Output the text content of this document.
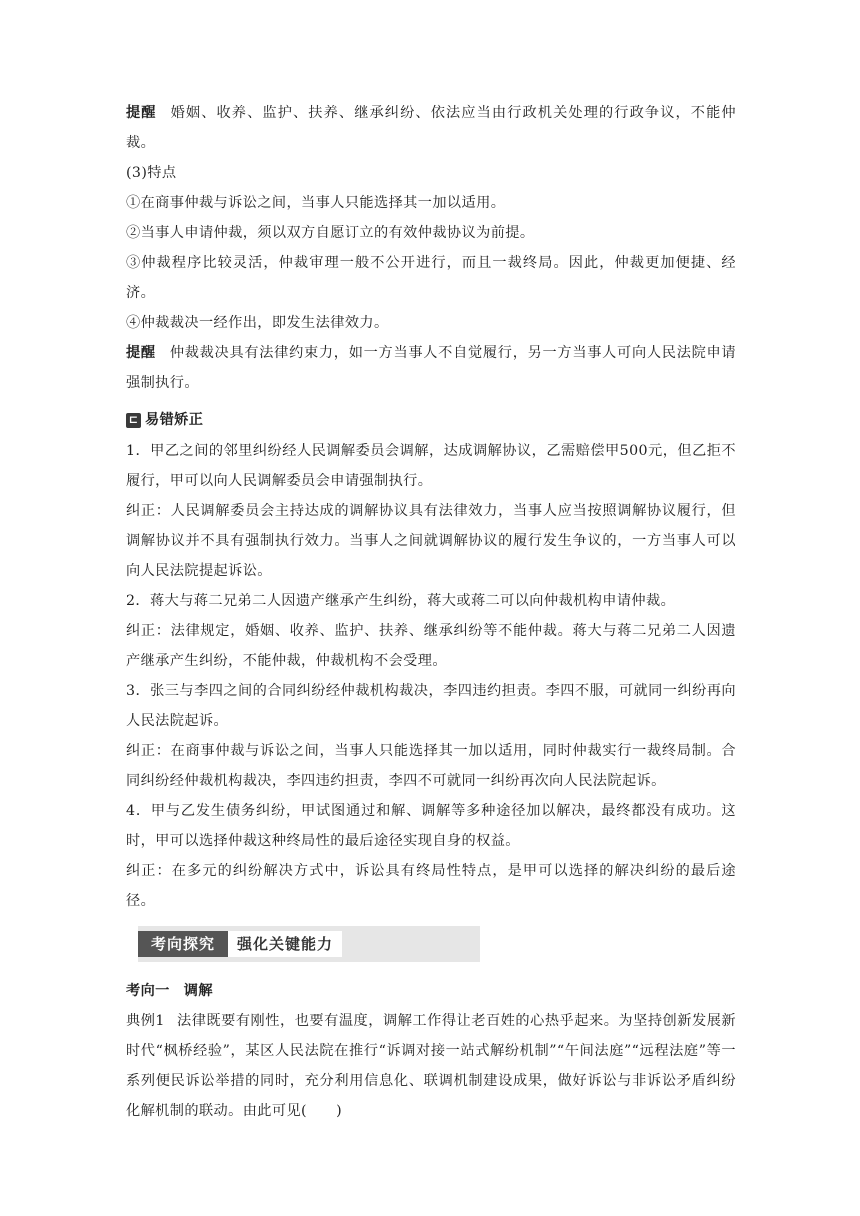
提醒 婚姻、收养、监护、扶养、继承纠纷、依法应当由行政机关处理的行政争议，不能仲裁。

(3)特点

①在商事仲裁与诉讼之间，当事人只能选择其一加以适用。

②当事人申请仲裁，须以双方自愿订立的有效仲裁协议为前提。

③仲裁程序比较灵活，仲裁审理一般不公开进行，而且一裁终局。因此，仲裁更加便捷、经济。

④仲裁裁决一经作出，即发生法律效力。

提醒 仲裁裁决具有法律约束力，如一方当事人不自觉履行，另一方当事人可向人民法院申请强制执行。

⊏ 易错矫正

1．甲乙之间的邻里纠纷经人民调解委员会调解，达成调解协议，乙需赔偿甲500元，但乙拒不履行，甲可以向人民调解委员会申请强制执行。

纠正：人民调解委员会主持达成的调解协议具有法律效力，当事人应当按照调解协议履行，但调解协议并不具有强制执行效力。当事人之间就调解协议的履行发生争议的，一方当事人可以向人民法院提起诉讼。

2．蒋大与蒋二兄弟二人因遗产继承产生纠纷，蒋大或蒋二可以向仲裁机构申请仲裁。

纠正：法律规定，婚姻、收养、监护、扶养、继承纠纷等不能仲裁。蒋大与蒋二兄弟二人因遗产继承产生纠纷，不能仲裁，仲裁机构不会受理。

3．张三与李四之间的合同纠纷经仲裁机构裁决，李四违约担责。李四不服，可就同一纠纷再向人民法院起诉。

纠正：在商事仲裁与诉讼之间，当事人只能选择其一加以适用，同时仲裁实行一裁终局制。合同纠纷经仲裁机构裁决，李四违约担责，李四不可就同一纠纷再次向人民法院起诉。

4．甲与乙发生债务纠纷，甲试图通过和解、调解等多种途径加以解决，最终都没有成功。这时，甲可以选择仲裁这种终局性的最后途径实现自身的权益。

纠正：在多元的纠纷解决方式中，诉讼具有终局性特点，是甲可以选择的解决纠纷的最后途径。

考向探究	强化关键能力

考向一 调解

典例1 法律既要有刚性，也要有温度，调解工作得让老百姓的心热乎起来。为坚持创新发展新时代“枫桥经验”，某区人民法院在推行“诉调对接一站式解纷机制”“午间法庭”“远程法庭”等一系列便民诉讼举措的同时，充分利用信息化、联调机制建设成果，做好诉讼与非诉讼矛盾纠纷化解机制的联动。由此可见(　　)
